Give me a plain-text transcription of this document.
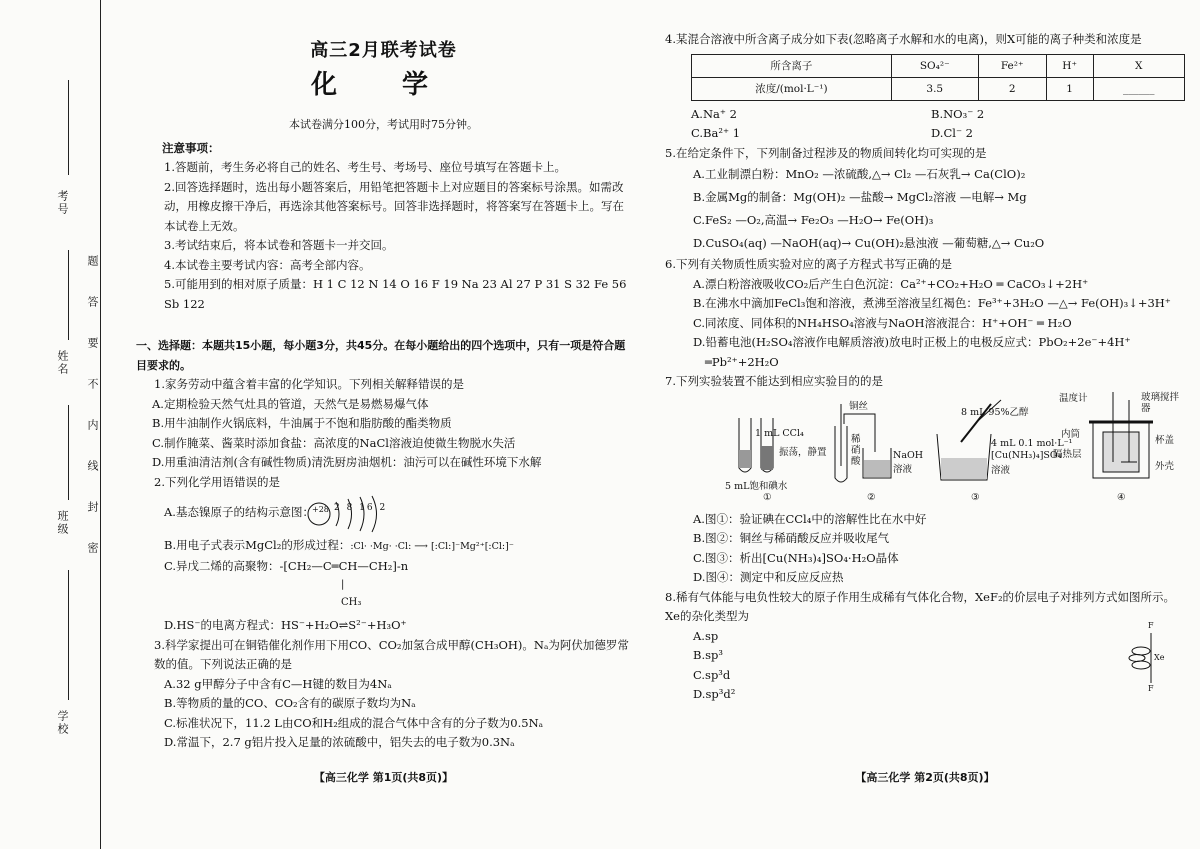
题答要不内线封密
考号
姓名
班级
学校
高三2月联考试卷
化 学

本试卷满分100分，考试用时75分钟。

注意事项：

1.答题前，考生务必将自己的姓名、考生号、考场号、座位号填写在答题卡上。

2.回答选择题时，选出每小题答案后，用铅笔把答题卡上对应题目的答案标号涂黑。如需改动，用橡皮擦干净后，再选涂其他答案标号。回答非选择题时，将答案写在答题卡上。写在本试卷上无效。

3.考试结束后，将本试卷和答题卡一并交回。

4.本试卷主要考试内容：高考全部内容。

5.可能用到的相对原子质量：H 1 C 12 N 14 O 16 F 19 Na 23 Al 27 P 31 S 32 Fe 56 Sb 122

一、选择题：本题共15小题，每小题3分，共45分。在每小题给出的四个选项中，只有一项是符合题目要求的。

1.家务劳动中蕴含着丰富的化学知识。下列相关解释错误的是

A.定期检验天然气灶具的管道，天然气是易燃易爆气体

B.用牛油制作火锅底料，牛油属于不饱和脂肪酸的酯类物质

C.制作腌菜、酱菜时添加食盐：高浓度的NaCl溶液迫使微生物脱水失活

D.用重油清洁剂(含有碱性物质)清洗厨房油烟机：油污可以在碱性环境下水解

2.下列化学用语错误的是

A.基态镍原子的结构示意图：
+28 2 8 16 2

B.用电子式表示MgCl₂的形成过程：:Cl· ·Mg· ·Cl: ⟶ [:Cl:]⁻Mg²⁺[:Cl:]⁻

C.异戊二烯的高聚物：-[CH₂—C═CH—CH₂]-n

|
CH₃

D.HS⁻的电离方程式：HS⁻+H₂O⇌S²⁻+H₃O⁺

3.科学家提出可在铜锆催化剂作用下用CO、CO₂加氢合成甲醇(CH₃OH)。Nₐ为阿伏加德罗常数的值。下列说法正确的是

A.32 g甲醇分子中含有C—H键的数目为4Nₐ

B.等物质的量的CO、CO₂含有的碳原子数均为Nₐ

C.标准状况下，11.2 L由CO和H₂组成的混合气体中含有的分子数为0.5Nₐ

D.常温下，2.7 g铝片投入足量的浓硫酸中，铝失去的电子数为0.3Nₐ

【高三化学 第1页(共8页)】

4.某混合溶液中所含离子成分如下表(忽略离子水解和水的电离)，则X可能的离子种类和浓度是

所含离子	SO₄²⁻	Fe²⁺	H⁺	X
浓度/(mol·L⁻¹)	3.5	2	1	______

A.Na⁺ 2	B.NO₃⁻ 2

C.Ba²⁺ 1	D.Cl⁻ 2

5.在给定条件下，下列制备过程涉及的物质间转化均可实现的是

A.工业制漂白粉：MnO₂ —浓硫酸,△→ Cl₂ —石灰乳→ Ca(ClO)₂

B.金属Mg的制备：Mg(OH)₂ —盐酸→ MgCl₂溶液 —电解→ Mg

C.FeS₂ —O₂,高温→ Fe₂O₃ —H₂O→ Fe(OH)₃

D.CuSO₄(aq) —NaOH(aq)→ Cu(OH)₂悬浊液 —葡萄糖,△→ Cu₂O

6.下列有关物质性质实验对应的离子方程式书写正确的是

A.漂白粉溶液吸收CO₂后产生白色沉淀：Ca²⁺+CO₂+H₂O ═ CaCO₃↓+2H⁺

B.在沸水中滴加FeCl₃饱和溶液，煮沸至溶液呈红褐色：Fe³⁺+3H₂O —△→ Fe(OH)₃↓+3H⁺

C.同浓度、同体积的NH₄HSO₄溶液与NaOH溶液混合：H⁺+OH⁻ ═ H₂O

D.铅蓄电池(H₂SO₄溶液作电解质溶液)放电时正极上的电极反应式：PbO₂+2e⁻+4H⁺

═Pb²⁺+2H₂O

7.下列实验装置不能达到相应实验目的的是

1 mL CCl₄
振荡，静置
5 mL饱和碘水
①
铜丝
稀硝酸
NaOH溶液
②
8 mL 95%乙醇
4 mL 0.1 mol·L⁻¹
[Cu(NH₃)₄]SO₄
溶液
③
温度计	玻璃搅拌器
内筒
杯盖
隔热层
外壳
④

A.图①：验证碘在CCl₄中的溶解性比在水中好

B.图②：铜丝与稀硝酸反应并吸收尾气

C.图③：析出[Cu(NH₃)₄]SO₄·H₂O晶体

D.图④：测定中和反应反应热

8.稀有气体能与电负性较大的原子作用生成稀有气体化合物，XeF₂的价层电子对排列方式如图所示。Xe的杂化类型为

A.sp

B.sp³

C.sp³d

D.sp³d²

F
Xe
F
【高三化学 第2页(共8页)】
